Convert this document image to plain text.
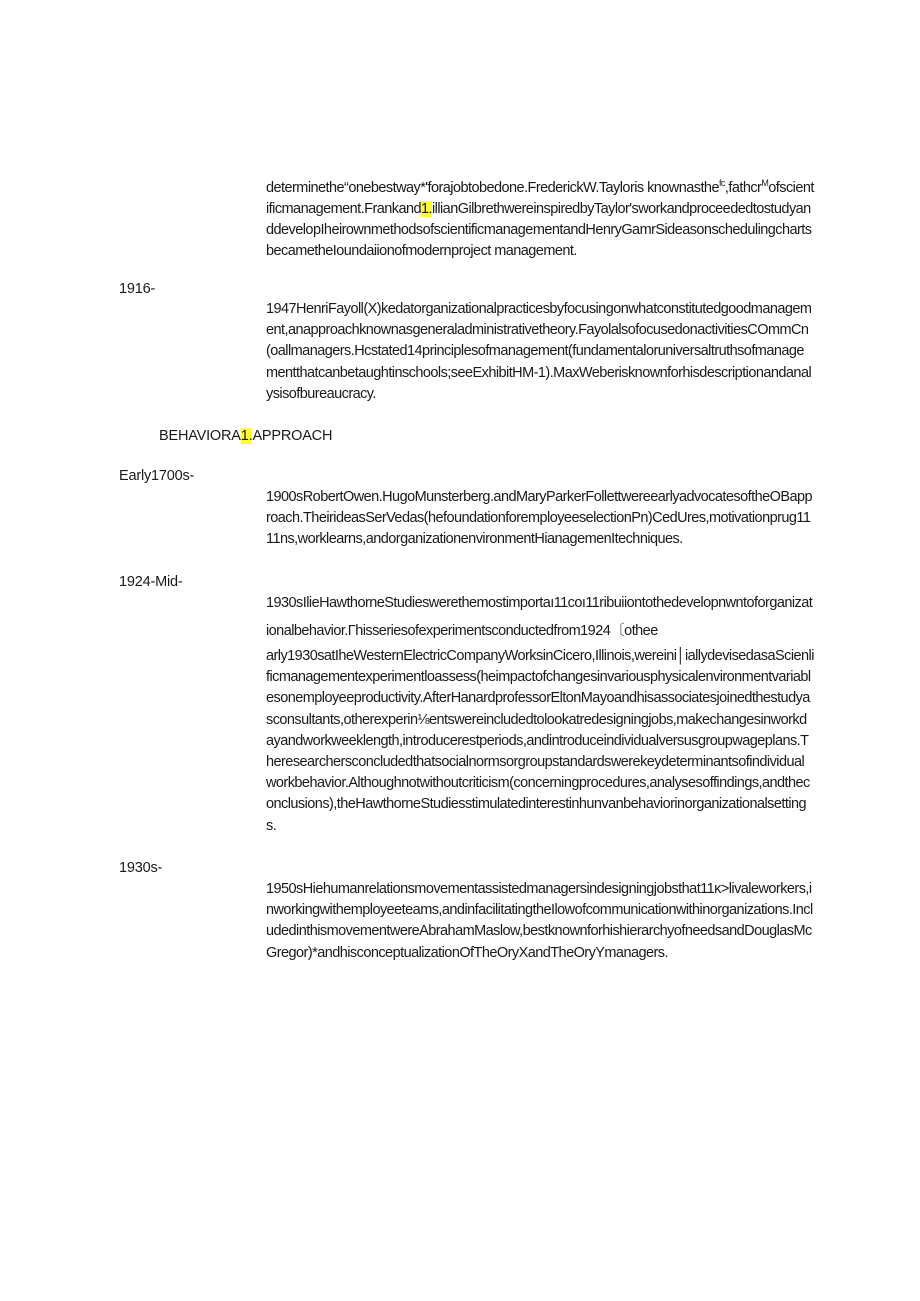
determinethe“onebestway*'forajobtobedone.FrederickW.Tayloris knownasthe$^{fc}$,fathcr$^M$ofscientificmanagement.Frankand1.illianGilbrethwereinspiredbyTaylor'sworkandproceededtostudyanddevelopIheirownmethodsofscientificmanagementandHenryGamrSideasonschedulingchartsbecametheIoundaiionofmodernproject management.
1916-
1947HenriFayoll(X)kedatorganizationalpracticesbyfocusingonwhatconstitutedgoodmanagement,anapproachknownasgeneraladministrativetheory.FayolalsofocusedonactivitiesCOmmCn(oallmanagers.Hcstated14principlesofmanagement(fundamentaloruniversaltruthsofmanagementthatcanbetaughtinschools;seeExhibitHM-1).MaxWeberisknownforhisdescriptionandanalysisofbureaucracy.
BEHAVIORA1.APPROACH
Early1700s-
1900sRobertOwen.HugoMunsterberg.andMaryParkerFollettwereearlyadvocatesoftheOBapproach.TheirideasSerVedas(hefoundationforemployeeselectionPn)CedUres,motivationprug1111ns,worklearns,andorganizationenvironmentHianagemenItechniques.
1924-Mid-
1930sIlieHawthorneStudieswerethemostimportaı11coı11ribuiiontothedevelopnwntoforganizationalbehavior.Γhisseriesofexperimentsconductedfrom1924〔othee
arly1930satIheWesternElectricCompanyWorksinCicero,Illinois,wereini│iallydevisedasaScienlificmanagementexperimentloassess(heimpactofchangesinvariousphysicalenvironmentvariablesonemployeeproductivity.AfterHanardprofessorEltonMayoandhisassociatesjoinedthestudyasconsultants,otherexperin⅛entswereincludedtolookatredesigningjobs,makechangesinworkdayandworkweeklength,introducerestperiods,andintroduceindividualversusgroupwageplans.Theresearchersconcludedthatsocialnormsorgroupstandardswerekeydeterminantsofindividualworkbehavior.Althoughnotwithoutcriticism(concerningprocedures,analysesoffindings,andtheconclusions),theHawthorneStudiesstimulatedinterestinhunvanbehaviorinorganizationalsettings.
1930s-
1950sHiehumanrelationsmovementassistedmanagersindesigningjobsthat11κ>livaleworkers,inworkingwithemployeeteams,andinfacilitatingtheIlowofcommunicationwithinorganizations.IncludedinthismovementwereAbrahamMaslow,bestknownforhishierarchyofneedsandDouglasMcGregor)*andhisconceptualizationOfTheOryXandTheOryYmanagers.
